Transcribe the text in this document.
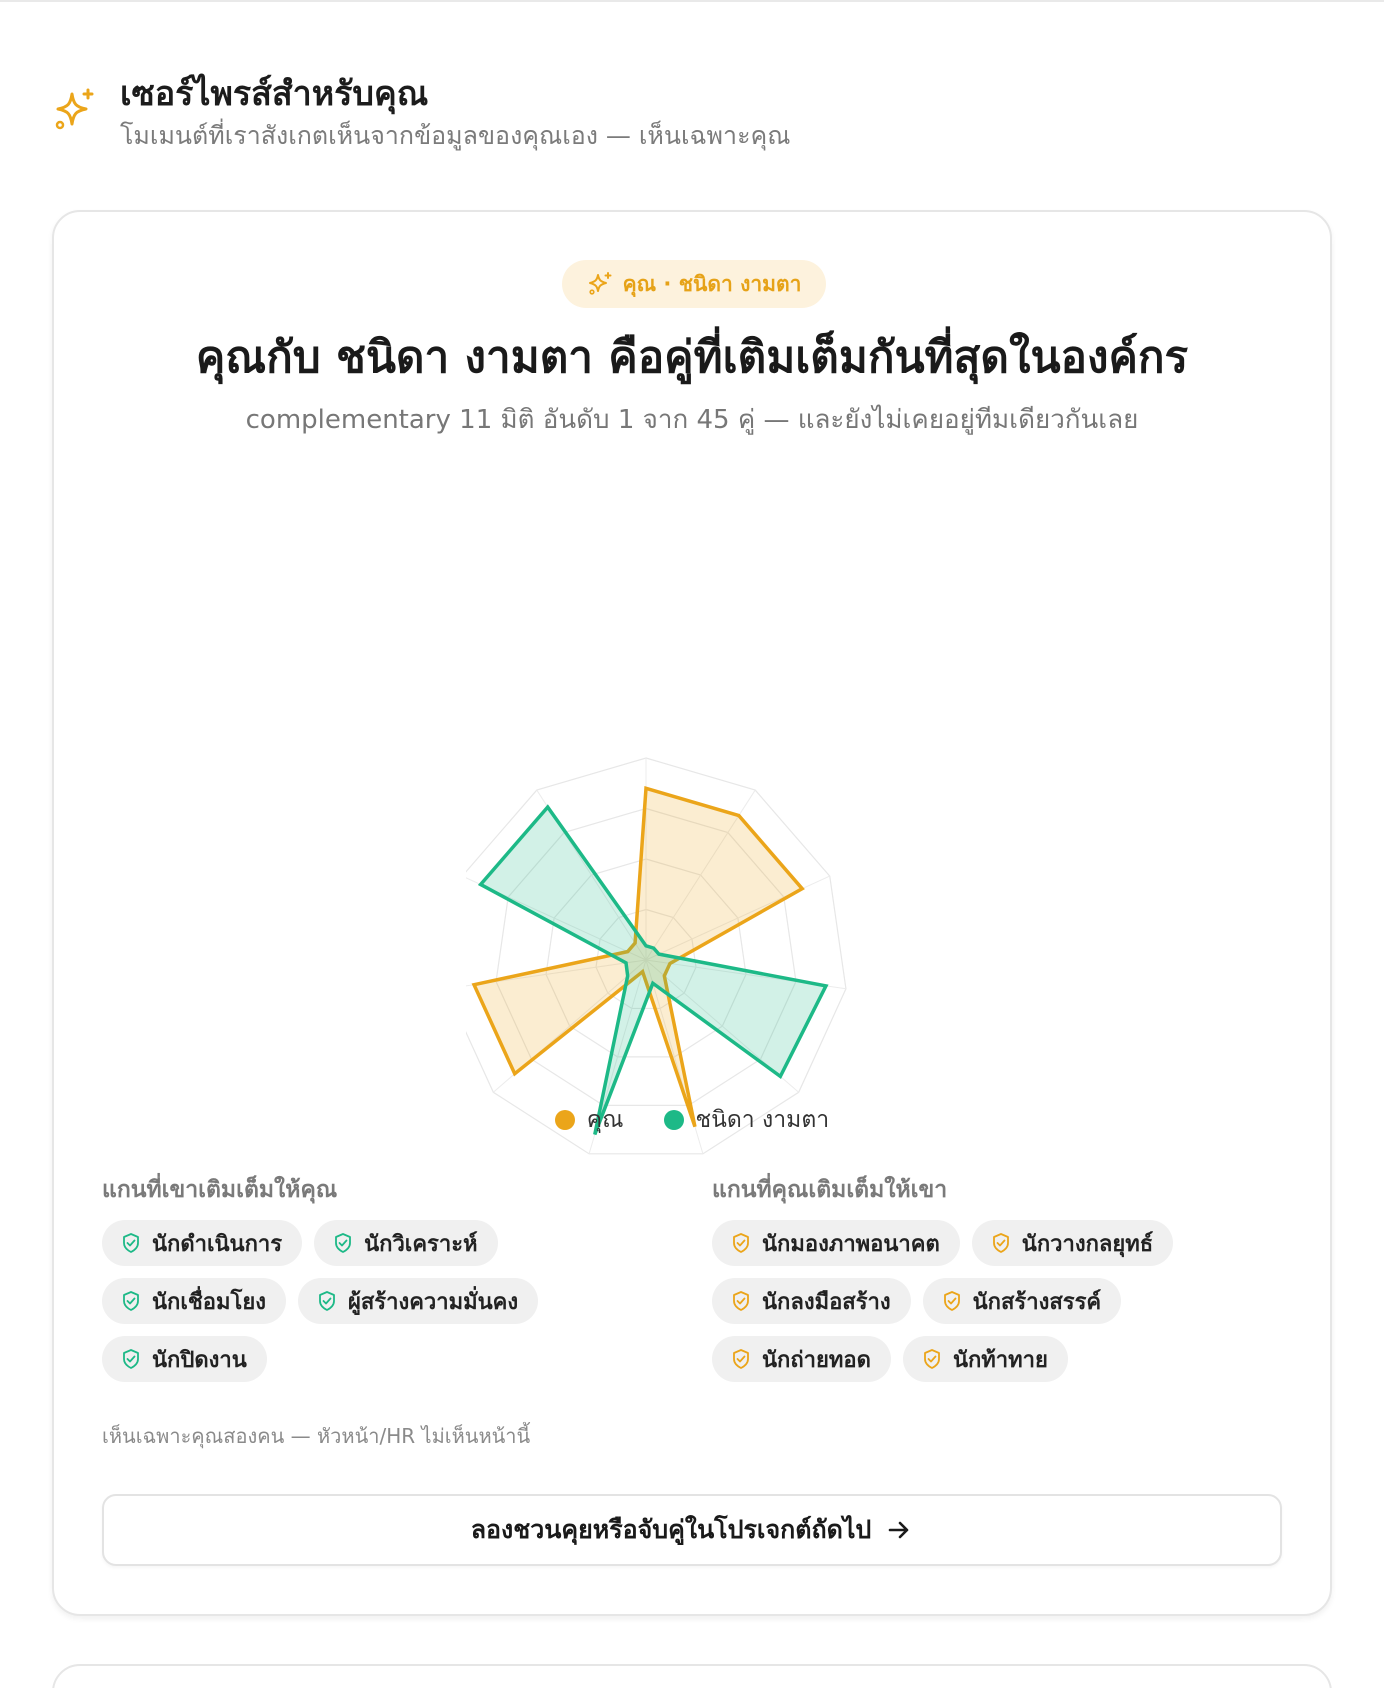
เซอร์ไพรส์สำหรับคุณ
โมเมนต์ที่เราสังเกตเห็นจากข้อมูลของคุณเอง — เห็นเฉพาะคุณ
คุณ · ชนิดา งามตา
คุณกับ ชนิดา งามตา คือคู่ที่เติมเต็มกันที่สุดในองค์กร
complementary 11 มิติ อันดับ 1 จาก 45 คู่ — และยังไม่เคยอยู่ทีมเดียวกันเลย
คุณ	ชนิดา งามตา
แกนที่เขาเติมเต็มให้คุณ
นักดำเนินการ	นักวิเคราะห์
นักเชื่อมโยง	ผู้สร้างความมั่นคง
นักปิดงาน
แกนที่คุณเติมเต็มให้เขา
นักมองภาพอนาคต	นักวางกลยุทธ์
นักลงมือสร้าง	นักสร้างสรรค์
นักถ่ายทอด	นักท้าทาย
เห็นเฉพาะคุณสองคน — หัวหน้า/HR ไม่เห็นหน้านี้
ลองชวนคุยหรือจับคู่ในโปรเจกต์ถัดไป
